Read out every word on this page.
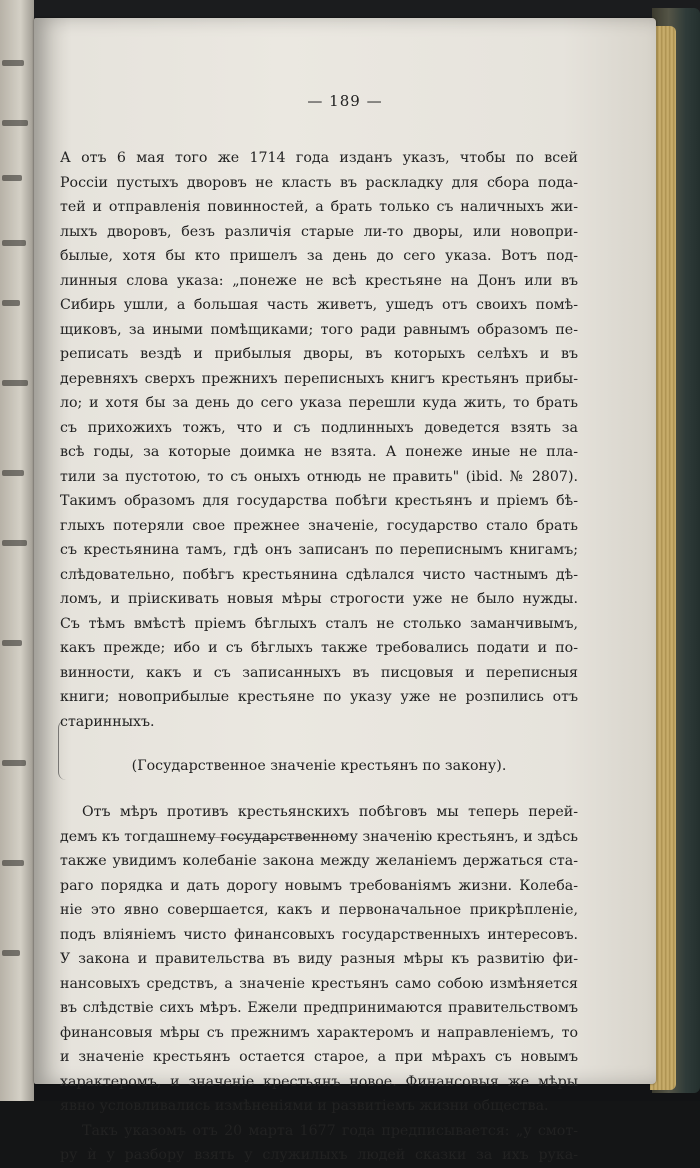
— 189 —
А отъ 6 мая того же 1714 года изданъ указъ, чтобы по всей
Россiи пустыхъ дворовъ не класть въ раскладку для сбора пода-
тей и отправленiя повинностей, а брать только съ наличныхъ жи-
лыхъ дворовъ, безъ различiя старые ли-то дворы, или новопри-
былые, хотя бы кто пришелъ за день до сего указа. Вотъ под-
линныя слова указа: „понеже не всѣ крестьяне на Донъ или въ
Сибирь ушли, а большая часть живетъ, ушедъ отъ своихъ помѣ-
щиковъ, за иными помѣщиками; того ради равнымъ образомъ пе-
реписать вездѣ и прибылыя дворы, въ которыхъ селѣхъ и въ
деревняхъ сверхъ прежнихъ переписныхъ книгъ крестьянъ прибы-
ло; и хотя бы за день до сего указа перешли куда жить, то брать
съ прихожихъ тожъ, что и съ подлинныхъ доведется взять за
всѣ годы, за которые доимка не взята. А понеже иные не пла-
тили за пустотою, то съ оныхъ отнюдь не править" (ibid. № 2807).
Такимъ образомъ для государства побѣги крестьянъ и прiемъ бѣ-
глыхъ потеряли свое прежнее значенiе, государство стало брать
съ крестьянина тамъ, гдѣ онъ записанъ по переписнымъ книгамъ;
слѣдовательно, побѣгъ крестьянина сдѣлался чисто частнымъ дѣ-
ломъ, и прiискивать новыя мѣры строгости уже не было нужды.
Съ тѣмъ вмѣстѣ прiемъ бѣглыхъ сталъ не столько заманчивымъ,
какъ прежде; ибо и съ бѣглыхъ также требовались подати и по-
винности, какъ и съ записанныхъ въ писцовыя и переписныя
книги; новоприбылые крестьяне по указу уже не розпились отъ
старинныхъ.
(Государственное значенiе крестьянъ по закону).
Отъ мѣръ противъ крестьянскихъ побѣговъ мы теперь перей-
демъ къ тогдашнему государственному значенiю крестьянъ, и здѣсь
также увидимъ колебанiе закона между желанiемъ держаться ста-
раго порядка и дать дорогу новымъ требованiямъ жизни. Колеба-
нiе это явно совершается, какъ и первоначальное прикрѣпленiе,
подъ влiянiемъ чисто финансовыхъ государственныхъ интересовъ.
У закона и правительства въ виду разныя мѣры къ развитiю фи-
нансовыхъ средствъ, а значенiе крестьянъ само собою измѣняется
въ слѣдствiе сихъ мѣръ. Ежели предпринимаются правительствомъ
финансовыя мѣры съ прежнимъ характеромъ и направленiемъ, то
и значенiе крестьянъ остается старое, а при мѣрахъ съ новымъ
характеромъ, и значенiе крестьянъ новое. Финансовыя же мѣры
явно условливались измѣненiями и развитiемъ жизни общества.
Такъ указомъ отъ 20 марта 1677 года предписывается: „у смот-
ру ѝ у разбору взять у служилыхъ людей сказки за ихъ рука-
